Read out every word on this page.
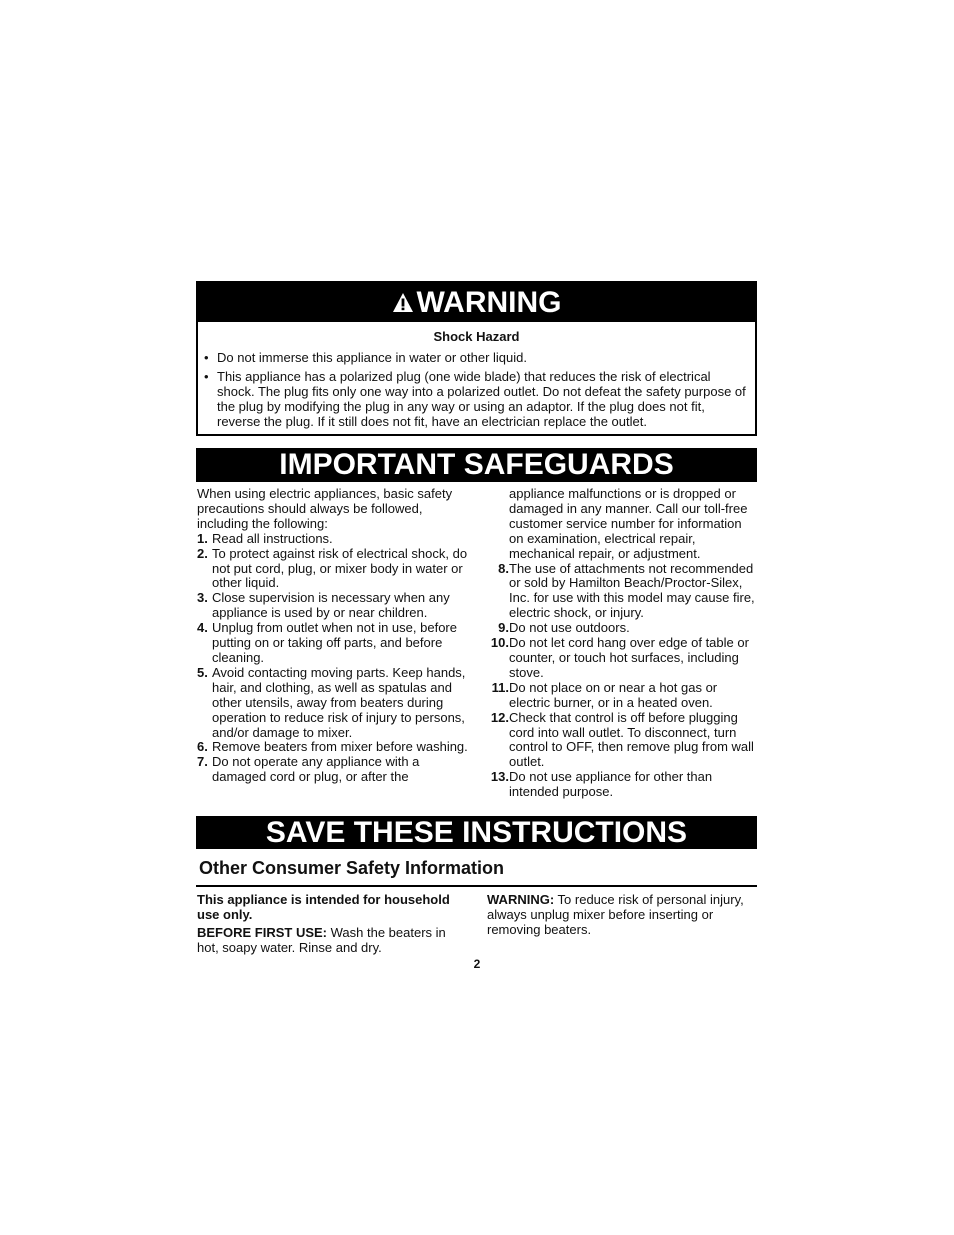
WARNING
Shock Hazard
• Do not immerse this appliance in water or other liquid.
• This appliance has a polarized plug (one wide blade) that reduces the risk of electrical shock. The plug fits only one way into a polarized outlet. Do not defeat the safety purpose of the plug by modifying the plug in any way or using an adaptor. If the plug does not fit, reverse the plug. If it still does not fit, have an electrician replace the outlet.
IMPORTANT SAFEGUARDS
When using electric appliances, basic safety precautions should always be followed, including the following:
1. Read all instructions.
2. To protect against risk of electrical shock, do not put cord, plug, or mixer body in water or other liquid.
3. Close supervision is necessary when any appliance is used by or near children.
4. Unplug from outlet when not in use, before putting on or taking off parts, and before cleaning.
5. Avoid contacting moving parts. Keep hands, hair, and clothing, as well as spatulas and other utensils, away from beaters during operation to reduce risk of injury to persons, and/or damage to mixer.
6. Remove beaters from mixer before washing.
7. Do not operate any appliance with a damaged cord or plug, or after the
appliance malfunctions or is dropped or damaged in any manner. Call our toll-free customer service number for information on examination, electrical repair, mechanical repair, or adjustment.
8. The use of attachments not recommended or sold by Hamilton Beach/Proctor-Silex, Inc. for use with this model may cause fire, electric shock, or injury.
9. Do not use outdoors.
10. Do not let cord hang over edge of table or counter, or touch hot surfaces, including stove.
11. Do not place on or near a hot gas or electric burner, or in a heated oven.
12. Check that control is off before plugging cord into wall outlet. To disconnect, turn control to OFF, then remove plug from wall outlet.
13. Do not use appliance for other than intended purpose.
SAVE THESE INSTRUCTIONS
Other Consumer Safety Information

This appliance is intended for household use only.

BEFORE FIRST USE: Wash the beaters in hot, soapy water. Rinse and dry.

WARNING: To reduce risk of personal injury, always unplug mixer before inserting or removing beaters.

2
